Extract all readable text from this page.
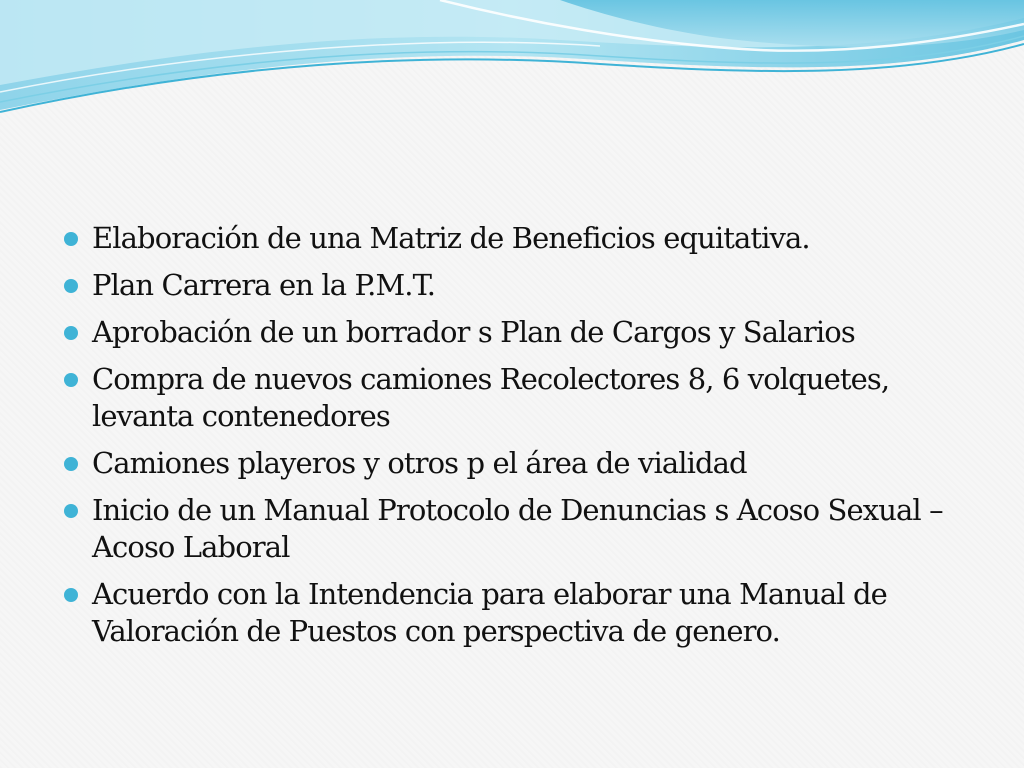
Elaboración de una Matriz de Beneficios equitativa.
Plan Carrera en la P.M.T.
Aprobación de un borrador s Plan de Cargos y Salarios
Compra de nuevos camiones Recolectores 8, 6 volquetes, levanta contenedores
Camiones playeros y otros p el área de vialidad
Inicio de un Manual Protocolo de Denuncias s Acoso Sexual – Acoso Laboral
Acuerdo con la Intendencia para elaborar una Manual de Valoración de Puestos con perspectiva de genero.
